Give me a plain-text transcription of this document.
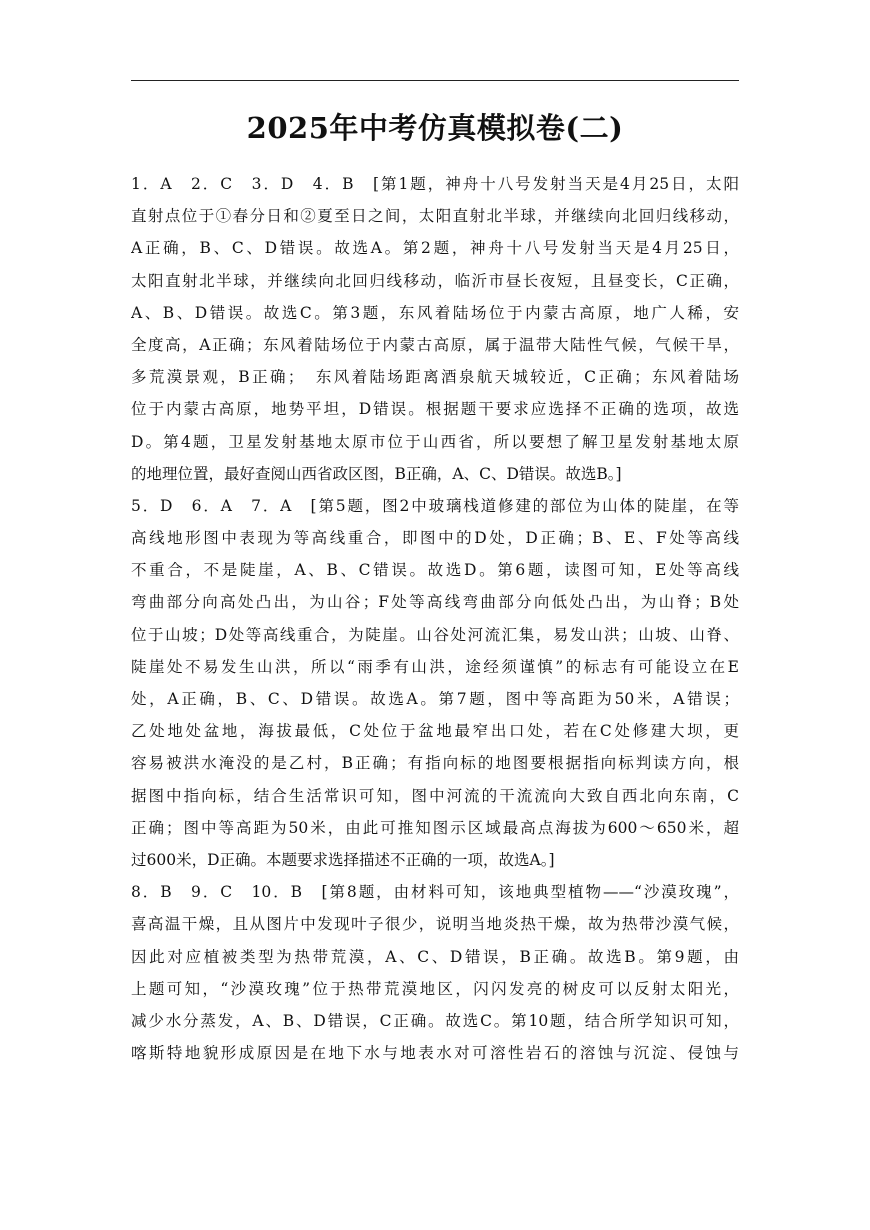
2025年中考仿真模拟卷(二)
1．A　2．C　3．D　4．B　[第1题，神舟十八号发射当天是4月25日，太阳
直射点位于①春分日和②夏至日之间，太阳直射北半球，并继续向北回归线移动，
A正确，B、C、D错误。故选A。第2题，神舟十八号发射当天是4月25日，
太阳直射北半球，并继续向北回归线移动，临沂市昼长夜短，且昼变长，C正确，
A、B、D错误。故选C。第3题，东风着陆场位于内蒙古高原，地广人稀，安
全度高，A正确；东风着陆场位于内蒙古高原，属于温带大陆性气候，气候干旱，
多荒漠景观，B正确；　东风着陆场距离酒泉航天城较近，C正确；东风着陆场
位于内蒙古高原，地势平坦，D错误。根据题干要求应选择不正确的选项，故选
D。第4题，卫星发射基地太原市位于山西省，所以要想了解卫星发射基地太原
的地理位置，最好查阅山西省政区图，B正确，A、C、D错误。故选B。]
5．D　6．A　7．A　[第5题，图2中玻璃栈道修建的部位为山体的陡崖，在等
高线地形图中表现为等高线重合，即图中的D处，D正确；B、E、F处等高线
不重合，不是陡崖，A、B、C错误。故选D。第6题，读图可知，E处等高线
弯曲部分向高处凸出，为山谷；F处等高线弯曲部分向低处凸出，为山脊；B处
位于山坡；D处等高线重合，为陡崖。山谷处河流汇集，易发山洪；山坡、山脊、
陡崖处不易发生山洪，所以“雨季有山洪，途经须谨慎”的标志有可能设立在E
处，A正确，B、C、D错误。故选A。第7题，图中等高距为50米，A错误；
乙处地处盆地，海拔最低，C处位于盆地最窄出口处，若在C处修建大坝，更
容易被洪水淹没的是乙村，B正确；有指向标的地图要根据指向标判读方向，根
据图中指向标，结合生活常识可知，图中河流的干流流向大致自西北向东南，C
正确；图中等高距为50米，由此可推知图示区域最高点海拔为600～650米，超
过600米，D正确。本题要求选择描述不正确的一项，故选A。]
8．B　9．C　10．B　[第8题，由材料可知，该地典型植物——“沙漠玫瑰”，
喜高温干燥，且从图片中发现叶子很少，说明当地炎热干燥，故为热带沙漠气候，
因此对应植被类型为热带荒漠，A、C、D错误，B正确。故选B。第9题，由
上题可知，“沙漠玫瑰”位于热带荒漠地区，闪闪发亮的树皮可以反射太阳光，
减少水分蒸发，A、B、D错误，C正确。故选C。第10题，结合所学知识可知，
喀斯特地貌形成原因是在地下水与地表水对可溶性岩石的溶蚀与沉淀、侵蚀与
